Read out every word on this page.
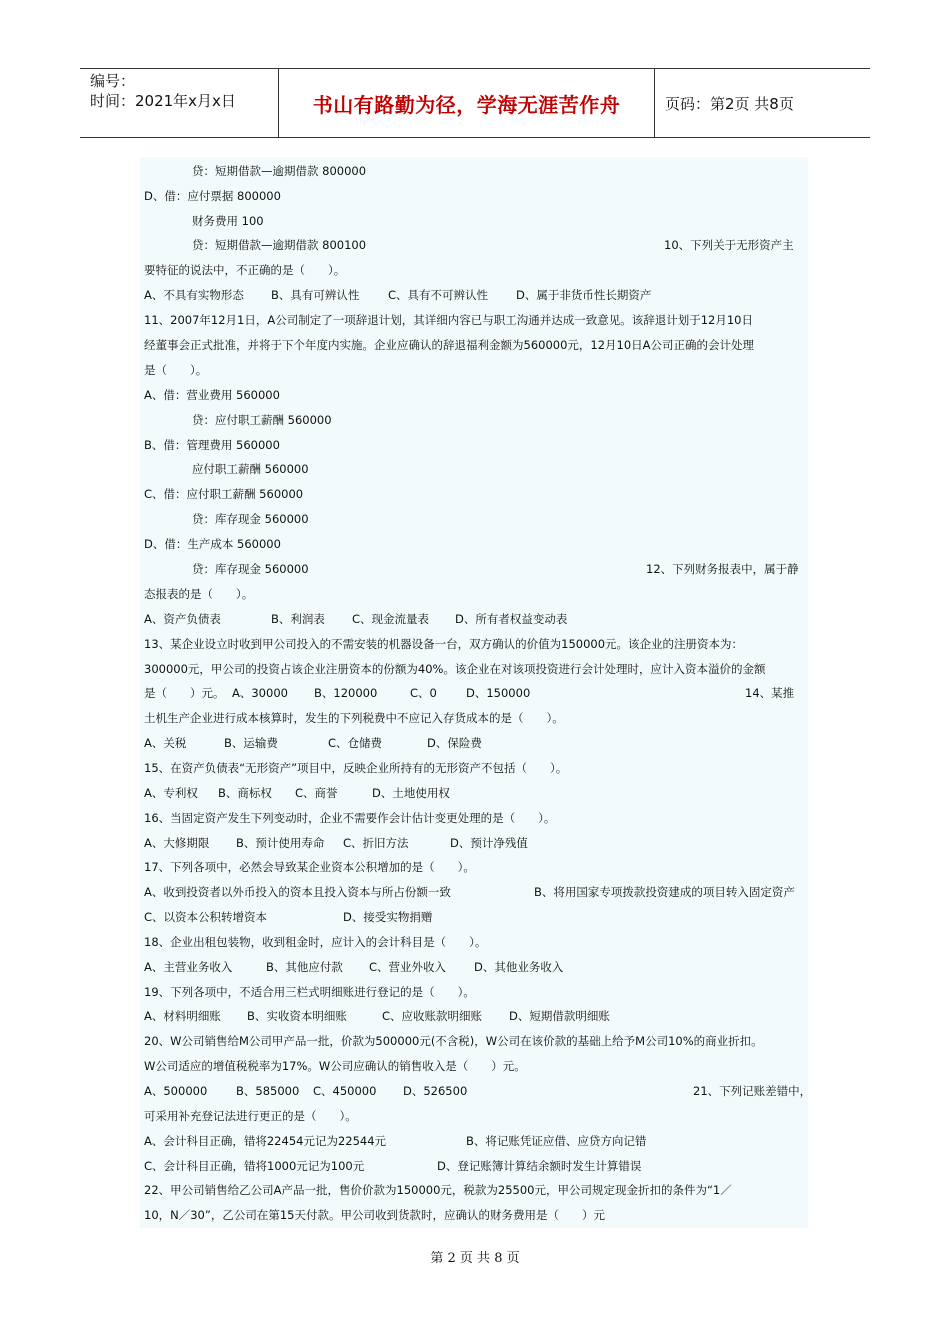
编号：
时间：2021年x月x日	书山有路勤为径，学海无涯苦作舟	页码：第2页 共8页
贷：短期借款—逾期借款 800000
D、借：应付票据 800000
财务费用 100
贷：短期借款—逾期借款 800100	10、下列关于无形资产主
要特征的说法中，不正确的是（　　）。
A、不具有实物形态 B、具有可辨认性 C、具有不可辨认性 D、属于非货币性长期资产
11、2007年12月1日，A公司制定了一项辞退计划，其详细内容已与职工沟通并达成一致意见。该辞退计划于12月10日
经董事会正式批准，并将于下个年度内实施。企业应确认的辞退福利金额为560000元，12月10日A公司正确的会计处理
是（　　）。
A、借：营业费用 560000
贷：应付职工薪酬 560000
B、借：管理费用 560000
应付职工薪酬 560000
C、借：应付职工薪酬 560000
贷：库存现金 560000
D、借：生产成本 560000
贷：库存现金 560000	12、下列财务报表中，属于静
态报表的是（　　）。
A、资产负债表	B、利润表 C、现金流量表 D、所有者权益变动表
13、某企业设立时收到甲公司投入的不需安装的机器设备一台，双方确认的价值为150000元。该企业的注册资本为：
300000元，甲公司的投资占该企业注册资本的份额为40%。该企业在对该项投资进行会计处理时，应计入资本溢价的金额
是（　　）元。 A、30000 B、120000	C、0	D、150000	14、某推
土机生产企业进行成本核算时，发生的下列税费中不应记入存货成本的是（　　）。
A、关税	B、运输费	C、仓储费	D、保险费
15、在资产负债表“无形资产”项目中，反映企业所持有的无形资产不包括（　　）。
A、专利权 B、商标权 C、商誉	D、土地使用权
16、当固定资产发生下列变动时，企业不需要作会计估计变更处理的是（　　）。
A、大修期限 B、预计使用寿命 C、折旧方法	D、预计净残值
17、下列各项中，必然会导致某企业资本公积增加的是（　　）。
A、收到投资者以外币投入的资本且投入资本与所占份额一致	B、将用国家专项拨款投资建成的项目转入固定资产
C、以资本公积转增资本	D、接受实物捐赠
18、企业出租包装物，收到租金时，应计入的会计科目是（　　）。
A、主营业务收入	B、其他应付款 C、营业外收入 D、其他业务收入
19、下列各项中，不适合用三栏式明细账进行登记的是（　　）。
A、材料明细账 B、实收资本明细账	C、应收账款明细账 D、短期借款明细账
20、W公司销售给M公司甲产品一批，价款为500000元(不含税)，W公司在该价款的基础上给予M公司10%的商业折扣。
W公司适应的增值税税率为17%。W公司应确认的销售收入是（　　）元。
A、500000 B、585000 C、450000 D、526500	21、下列记账差错中，
可采用补充登记法进行更正的是（　　）。
A、会计科目正确，错将22454元记为22544元	B、将记账凭证应借、应贷方向记错
C、会计科目正确，错将1000元记为100元	D、登记账簿计算结余额时发生计算错误
22、甲公司销售给乙公司A产品一批，售价价款为150000元，税款为25500元，甲公司规定现金折扣的条件为“1／
10，N／30”，乙公司在第15天付款。甲公司收到货款时，应确认的财务费用是（　　）元
第 2 页 共 8 页
